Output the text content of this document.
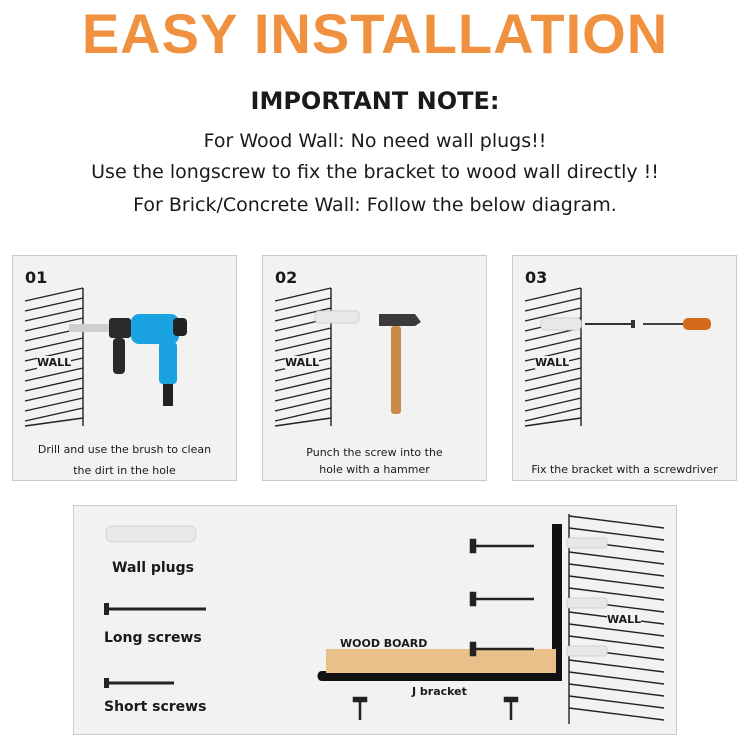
EASY INSTALLATION
IMPORTANT NOTE:
For Wood Wall: No need wall plugs!!
Use the longscrew to fix the bracket to wood wall directly !!
For Brick/Concrete Wall: Follow the below diagram.
01
WALL
Drill and use the brush to clean
the dirt in the hole
02
WALL
Punch the screw into the
hole with a hammer
03
WALL
Fix the bracket with a screwdriver
Wall plugs
Long screws
Short screws
WOOD BOARD
J bracket
WALL
